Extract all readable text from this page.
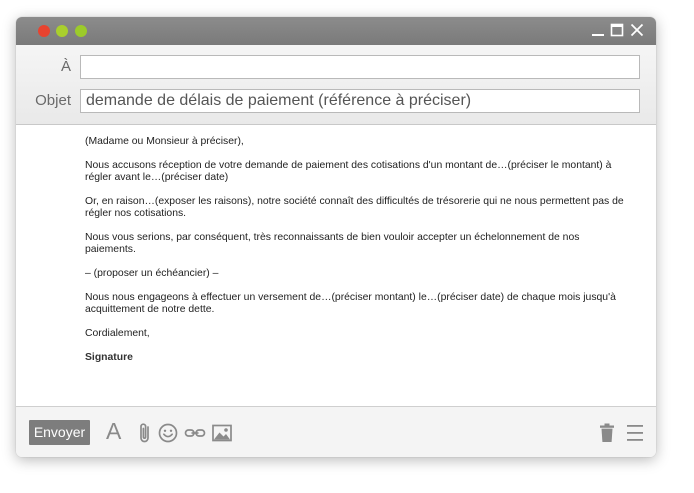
À
Objet
demande de délais de paiement (référence à préciser)

(Madame ou Monsieur à préciser),

Nous accusons réception de votre demande de paiement des cotisations d'un montant de…(préciser le montant) à régler avant le…(préciser date)

Or, en raison…(exposer les raisons), notre société connaît des difficultés de trésorerie qui ne nous permettent pas de régler nos cotisations.

Nous vous serions, par conséquent, très reconnaissants de bien vouloir accepter un échelonnement de nos paiements.

– (proposer un échéancier) –

Nous nous engageons à effectuer un versement de…(préciser montant) le…(préciser date) de chaque mois jusqu'à acquittement de notre dette.

Cordialement,

Signature

Envoyer A
